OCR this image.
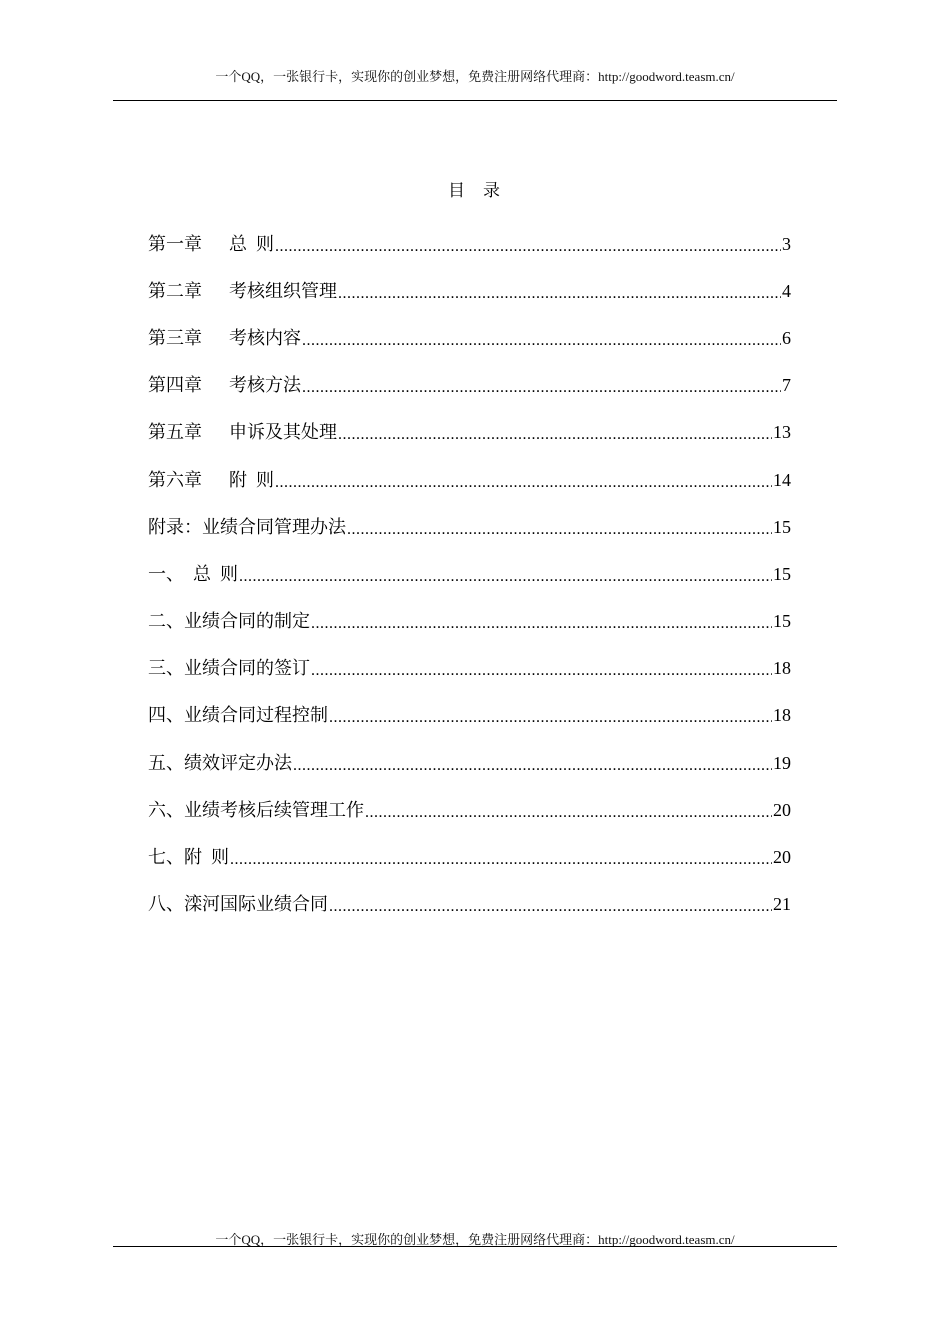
一个QQ，一张银行卡，实现你的创业梦想，免费注册网络代理商：http://goodword.teasm.cn/
目 录
第一章      总  则 .....	3
第二章      考核组织管理 .....	4
第三章      考核内容 .....	6
第四章      考核方法 .....	7
第五章      申诉及其处理 .....	13
第六章      附  则 .....	14
附录：业绩合同管理办法 .....	15
一、  总  则 .....	15
二、业绩合同的制定 .....	15
三、业绩合同的签订 .....	18
四、业绩合同过程控制 .....	18
五、绩效评定办法 .....	19
六、业绩考核后续管理工作 .....	20
七、附  则 .....	20
八、滦河国际业绩合同 .....	21
一个QQ，一张银行卡，实现你的创业梦想，免费注册网络代理商：http://goodword.teasm.cn/
